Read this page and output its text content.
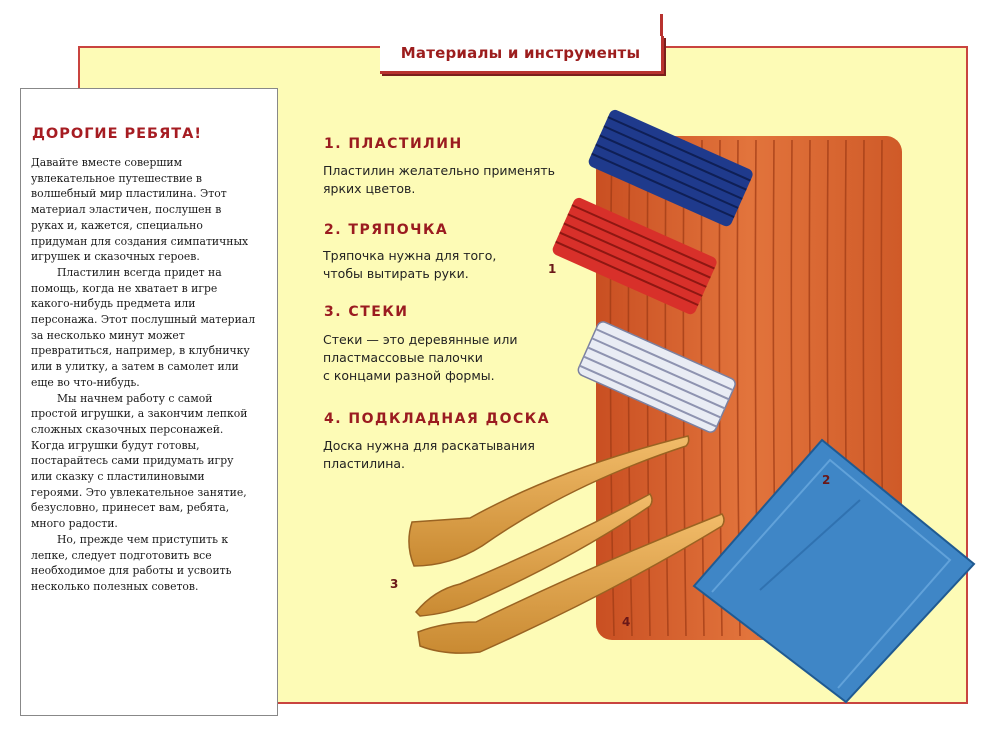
Материалы и инструменты
ДОРОГИЕ РЕБЯТА!

Давайте вместе совершим увлекательное путешествие в волшебный мир пластилина. Этот материал эластичен, послушен в руках и, кажется, специально придуман для создания симпатичных игрушек и сказочных героев.

Пластилин всегда придет на помощь, когда не хватает в игре какого-нибудь предмета или персонажа. Этот послушный материал за несколько минут может превратиться, например, в клубничку или в улитку, а затем в самолет или еще во что-нибудь.

Мы начнем работу с самой простой игрушки, а закончим лепкой сложных сказочных персонажей. Когда игрушки будут готовы, постарайтесь сами придумать игру или сказку с пластилиновыми героями. Это увлекательное занятие, безусловно, принесет вам, ребята, много радости.

Но, прежде чем приступить к лепке, следует подготовить все необходимое для работы и усвоить несколько полезных советов.

1
2
3
4
1. ПЛАСТИЛИН
Пластилин желательно применять
ярких цветов.
2. ТРЯПОЧКА
Тряпочка нужна для того,
чтобы вытирать руки.
3. СТЕКИ
Стеки — это деревянные или
пластмассовые палочки
с концами разной формы.
4. ПОДКЛАДНАЯ ДОСКА
Доска нужна для раскатывания
пластилина.
